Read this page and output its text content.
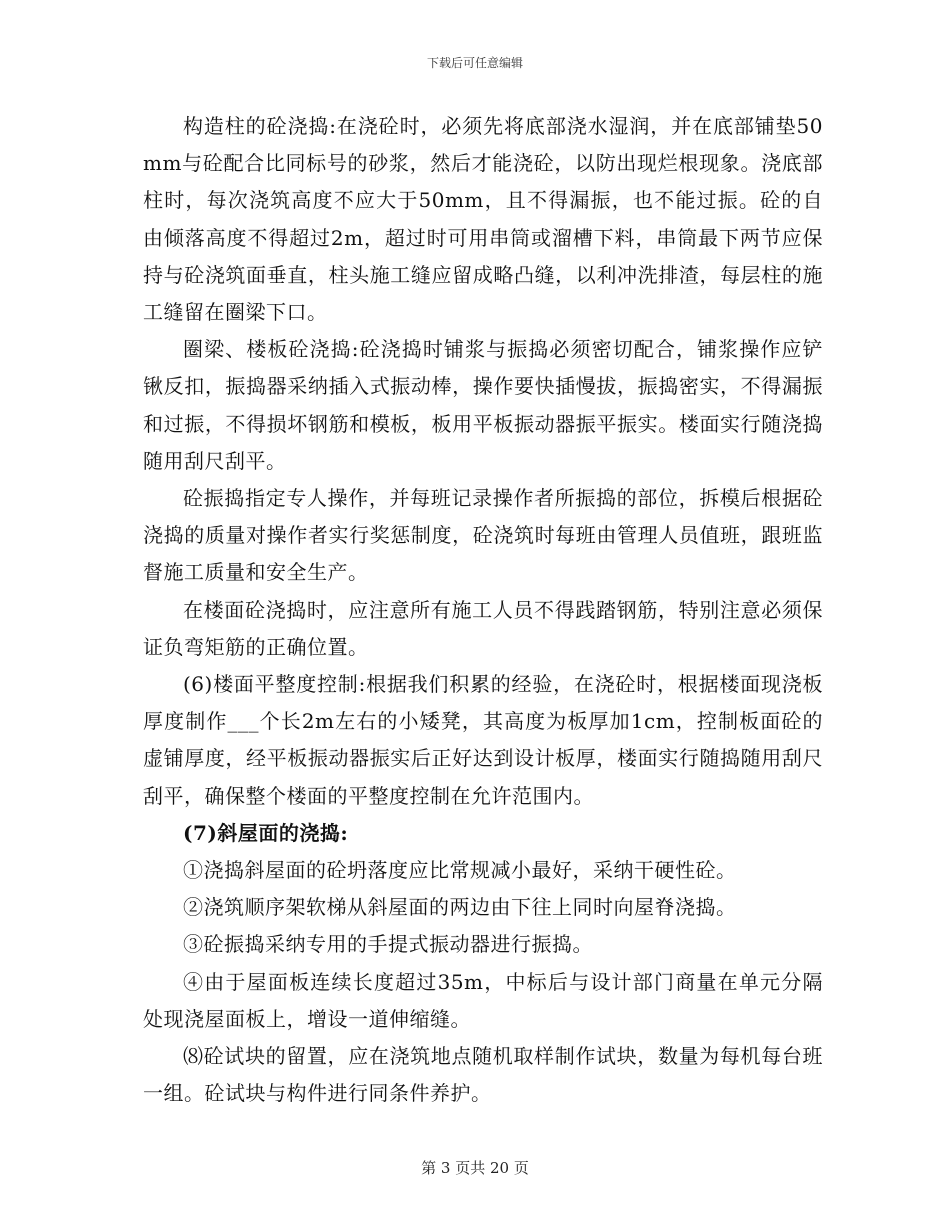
下载后可任意编辑

构造柱的砼浇捣:在浇砼时，必须先将底部浇水湿润，并在底部铺垫50mm与砼配合比同标号的砂浆，然后才能浇砼，以防出现烂根现象。浇底部柱时，每次浇筑高度不应大于50mm，且不得漏振，也不能过振。砼的自由倾落高度不得超过2m，超过时可用串筒或溜槽下料，串筒最下两节应保持与砼浇筑面垂直，柱头施工缝应留成略凸缝，以利冲洗排渣，每层柱的施工缝留在圈梁下口。

圈梁、楼板砼浇捣:砼浇捣时铺浆与振捣必须密切配合，铺浆操作应铲锹反扣，振捣器采纳插入式振动棒，操作要快插慢拔，振捣密实，不得漏振和过振，不得损坏钢筋和模板，板用平板振动器振平振实。楼面实行随浇捣随用刮尺刮平。

砼振捣指定专人操作，并每班记录操作者所振捣的部位，拆模后根据砼浇捣的质量对操作者实行奖惩制度，砼浇筑时每班由管理人员值班，跟班监督施工质量和安全生产。

在楼面砼浇捣时，应注意所有施工人员不得践踏钢筋，特别注意必须保证负弯矩筋的正确位置。

(6)楼面平整度控制:根据我们积累的经验，在浇砼时，根据楼面现浇板厚度制作___个长2m左右的小矮凳，其高度为板厚加1cm，控制板面砼的虚铺厚度，经平板振动器振实后正好达到设计板厚，楼面实行随捣随用刮尺刮平，确保整个楼面的平整度控制在允许范围内。

(7)斜屋面的浇捣:

①浇捣斜屋面的砼坍落度应比常规减小最好，采纳干硬性砼。

②浇筑顺序架软梯从斜屋面的两边由下往上同时向屋脊浇捣。

③砼振捣采纳专用的手提式振动器进行振捣。

④由于屋面板连续长度超过35m，中标后与设计部门商量在单元分隔处现浇屋面板上，增设一道伸缩缝。

⑻砼试块的留置，应在浇筑地点随机取样制作试块，数量为每机每台班一组。砼试块与构件进行同条件养护。

第 3 页共 20 页
